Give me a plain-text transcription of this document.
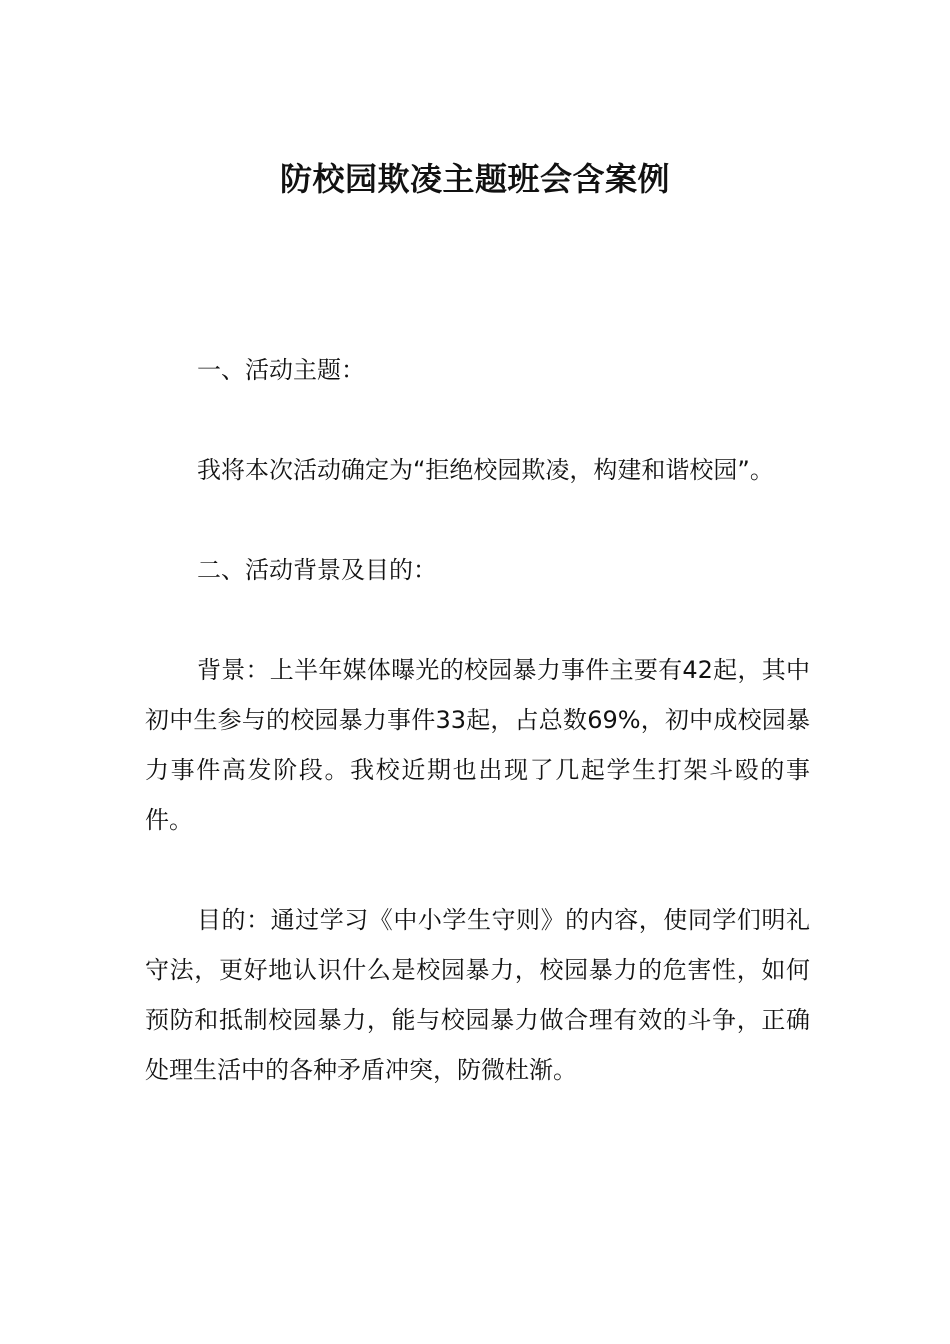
防校园欺凌主题班会含案例
一、活动主题：
我将本次活动确定为“拒绝校园欺凌，构建和谐校园”。
二、活动背景及目的：
背景：上半年媒体曝光的校园暴力事件主要有42起，其中初中生参与的校园暴力事件33起，占总数69%，初中成校园暴力事件高发阶段。我校近期也出现了几起学生打架斗殴的事件。
目的：通过学习《中小学生守则》的内容，使同学们明礼守法，更好地认识什么是校园暴力，校园暴力的危害性，如何预防和抵制校园暴力，能与校园暴力做合理有效的斗争，正确处理生活中的各种矛盾冲突，防微杜渐。
